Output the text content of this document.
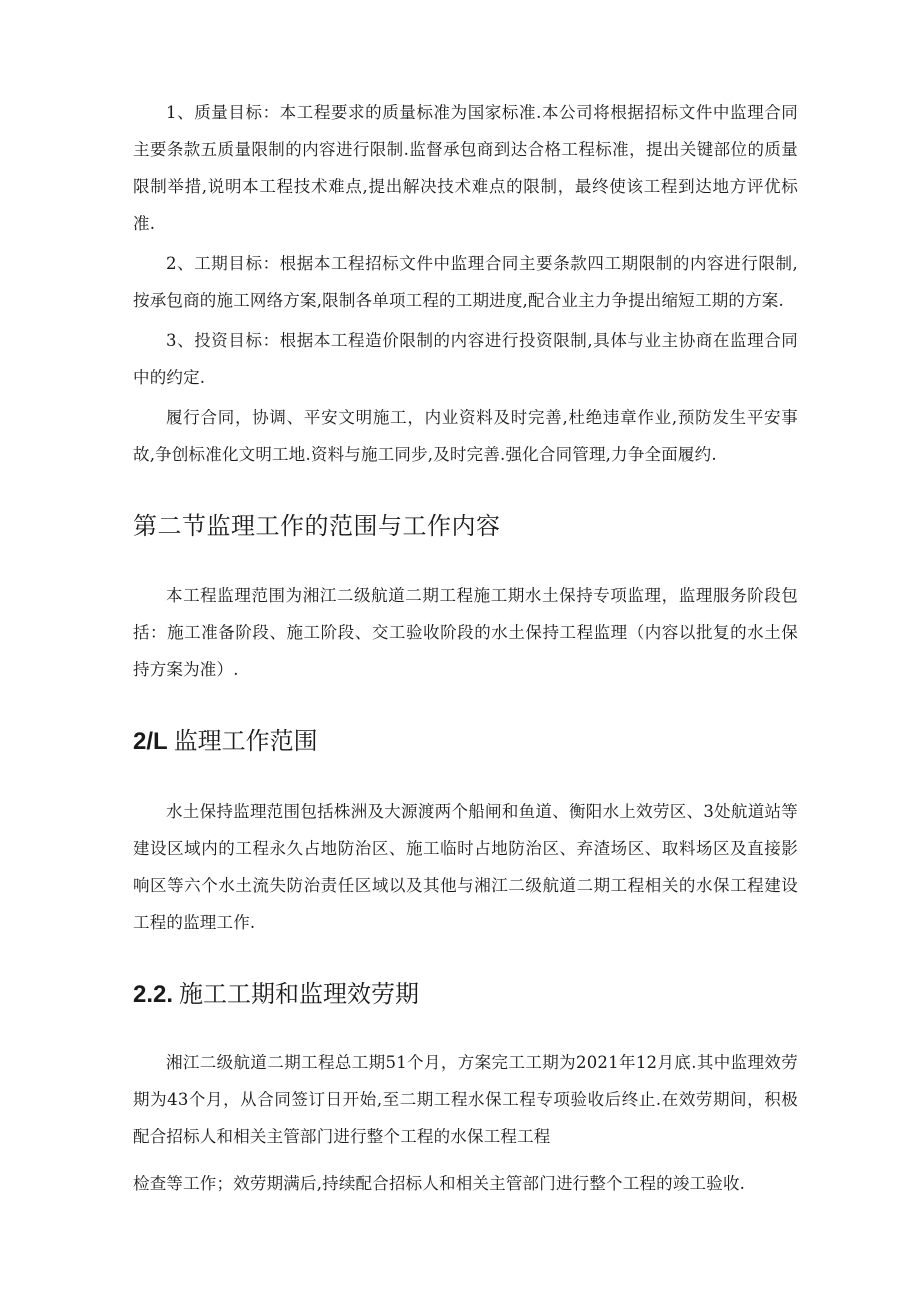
1、质量目标：本工程要求的质量标准为国家标准.本公司将根据招标文件中监理合同主要条款五质量限制的内容进行限制.监督承包商到达合格工程标准，提出关键部位的质量限制举措,说明本工程技术难点,提出解决技术难点的限制，最终使该工程到达地方评优标准.

2、工期目标：根据本工程招标文件中监理合同主要条款四工期限制的内容进行限制,按承包商的施工网络方案,限制各单项工程的工期进度,配合业主力争提出缩短工期的方案.

3、投资目标：根据本工程造价限制的内容进行投资限制,具体与业主协商在监理合同中的约定.

履行合同，协调、平安文明施工，内业资料及时完善,杜绝违章作业,预防发生平安事故,争创标准化文明工地.资料与施工同步,及时完善.强化合同管理,力争全面履约.

第二节监理工作的范围与工作内容

本工程监理范围为湘江二级航道二期工程施工期水土保持专项监理，监理服务阶段包括：施工准备阶段、施工阶段、交工验收阶段的水土保持工程监理（内容以批复的水土保持方案为准）.

2/L 监理工作范围

水土保持监理范围包括株洲及大源渡两个船闸和鱼道、衡阳水上效劳区、3处航道站等建设区域内的工程永久占地防治区、施工临时占地防治区、弃渣场区、取料场区及直接影响区等六个水土流失防治责任区域以及其他与湘江二级航道二期工程相关的水保工程建设工程的监理工作.

2.2. 施工工期和监理效劳期

湘江二级航道二期工程总工期51个月，方案完工工期为2021年12月底.其中监理效劳期为43个月，从合同签订日开始,至二期工程水保工程专项验收后终止.在效劳期间，积极配合招标人和相关主管部门进行整个工程的水保工程工程

检查等工作；效劳期满后,持续配合招标人和相关主管部门进行整个工程的竣工验收.
